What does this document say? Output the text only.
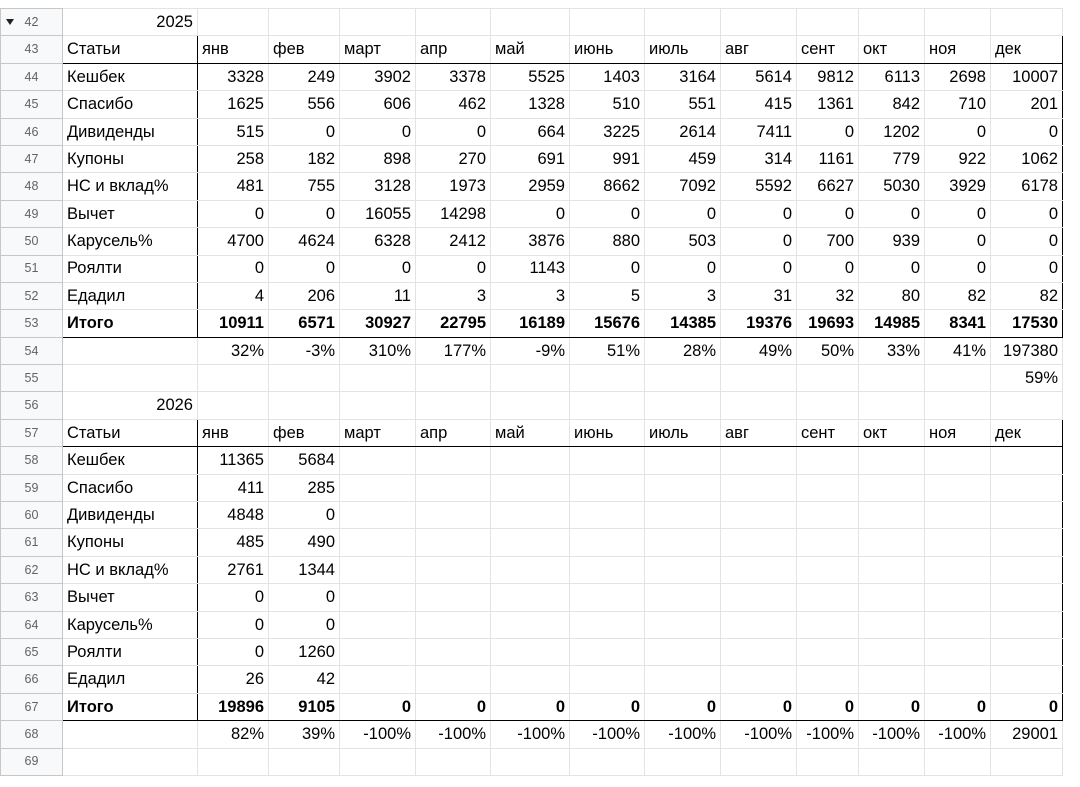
42	2025												
43	Статьи	янв	фев	март	апр	май	июнь	июль	авг	сент	окт	ноя	дек
44	Кешбек	3328	249	3902	3378	5525	1403	3164	5614	9812	6113	2698	10007
45	Спасибо	1625	556	606	462	1328	510	551	415	1361	842	710	201
46	Дивиденды	515	0	0	0	664	3225	2614	7411	0	1202	0	0
47	Купоны	258	182	898	270	691	991	459	314	1161	779	922	1062
48	НС и вклад%	481	755	3128	1973	2959	8662	7092	5592	6627	5030	3929	6178
49	Вычет	0	0	16055	14298	0	0	0	0	0	0	0	0
50	Карусель%	4700	4624	6328	2412	3876	880	503	0	700	939	0	0
51	Роялти	0	0	0	0	1143	0	0	0	0	0	0	0
52	Едадил	4	206	11	3	3	5	3	31	32	80	82	82
53	Итого	10911	6571	30927	22795	16189	15676	14385	19376	19693	14985	8341	17530
54		32%	-3%	310%	177%	-9%	51%	28%	49%	50%	33%	41%	197380
55													59%
56	2026												
57	Статьи	янв	фев	март	апр	май	июнь	июль	авг	сент	окт	ноя	дек
58	Кешбек	11365	5684										
59	Спасибо	411	285										
60	Дивиденды	4848	0										
61	Купоны	485	490										
62	НС и вклад%	2761	1344										
63	Вычет	0	0										
64	Карусель%	0	0										
65	Роялти	0	1260										
66	Едадил	26	42										
67	Итого	19896	9105	0	0	0	0	0	0	0	0	0	0
68		82%	39%	-100%	-100%	-100%	-100%	-100%	-100%	-100%	-100%	-100%	29001
69													
